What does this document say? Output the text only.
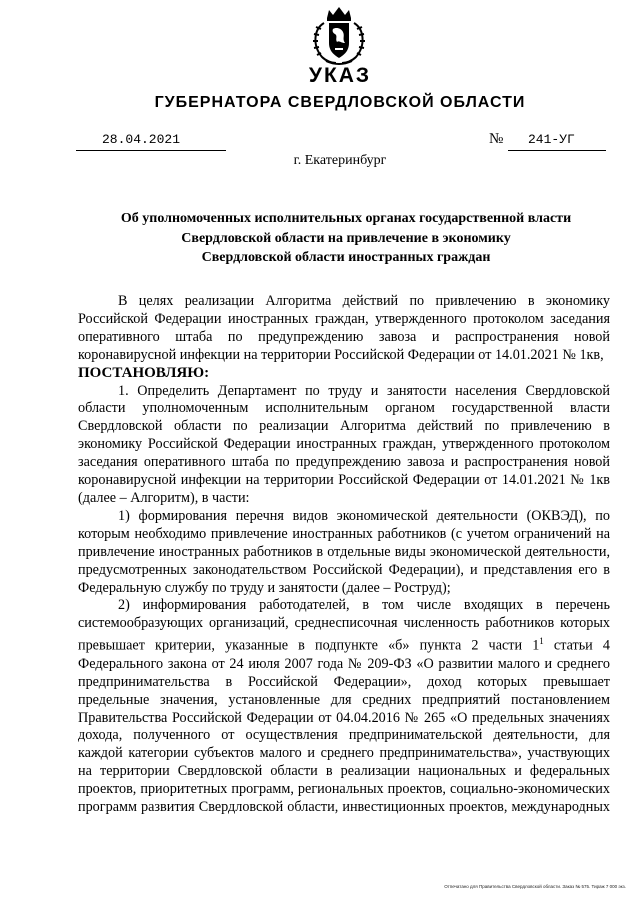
УКАЗ
ГУБЕРНАТОРА СВЕРДЛОВСКОЙ ОБЛАСТИ
28.04.2021	№ 241-УГ
г. Екатеринбург
Об уполномоченных исполнительных органах государственной власти
Свердловской области на привлечение в экономику
Свердловской области иностранных граждан

В целях реализации Алгоритма действий по привлечению в экономику Российской Федерации иностранных граждан, утвержденного протоколом заседания оперативного штаба по предупреждению завоза и распространения новой коронавирусной инфекции на территории Российской Федерации от 14.01.2021 № 1кв,

ПОСТАНОВЛЯЮ:

1. Определить Департамент по труду и занятости населения Свердловской области уполномоченным исполнительным органом государственной власти Свердловской области по реализации Алгоритма действий по привлечению в экономику Российской Федерации иностранных граждан, утвержденного протоколом заседания оперативного штаба по предупреждению завоза и распространения новой коронавирусной инфекции на территории Российской Федерации от 14.01.2021 № 1кв (далее – Алгоритм), в части:

1) формирования перечня видов экономической деятельности (ОКВЭД), по которым необходимо привлечение иностранных работников (с учетом ограничений на привлечение иностранных работников в отдельные виды экономической деятельности, предусмотренных законодательством Российской Федерации), и представления его в Федеральную службу по труду и занятости (далее – Роструд);

2) информирования работодателей, в том числе входящих в перечень системообразующих организаций, среднесписочная численность работников которых превышает критерии, указанные в подпункте «б» пункта 2 части $1^1$ статьи 4 Федерального закона от 24 июля 2007 года № 209-ФЗ «О развитии малого и среднего предпринимательства в Российской Федерации», доход которых превышает предельные значения, установленные для средних предприятий постановлением Правительства Российской Федерации от 04.04.2016 № 265 «О предельных значениях дохода, полученного от осуществления предпринимательской деятельности, для каждой категории субъектов малого и среднего предпринимательства», участвующих на территории Свердловской области в реализации национальных и федеральных проектов, приоритетных программ, региональных проектов, социально-экономических программ развития Свердловской области, инвестиционных проектов, международных

Отпечатано для Правительства Свердловской области. Заказ № 575. Тираж 7 000 экз.
